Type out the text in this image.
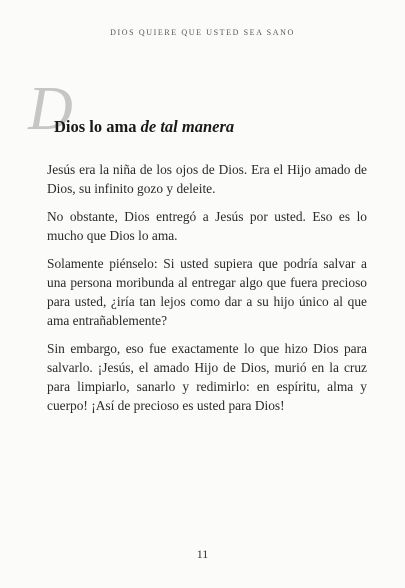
DIOS QUIERE QUE USTED SEA SANO
D
Dios lo ama de tal manera

Jesús era la niña de los ojos de Dios. Era el Hijo amado de Dios, su infinito gozo y deleite.

No obstante, Dios entregó a Jesús por usted. Eso es lo mucho que Dios lo ama.

Solamente piénselo: Si usted supiera que podría salvar a una persona moribunda al entregar algo que fuera precioso para usted, ¿iría tan lejos como dar a su hijo único al que ama entrañablemente?

Sin embargo, eso fue exactamente lo que hizo Dios para salvarlo. ¡Jesús, el amado Hijo de Dios, murió en la cruz para limpiarlo, sanarlo y redimirlo: en espíritu, alma y cuerpo! ¡Así de precioso es usted para Dios!

11
